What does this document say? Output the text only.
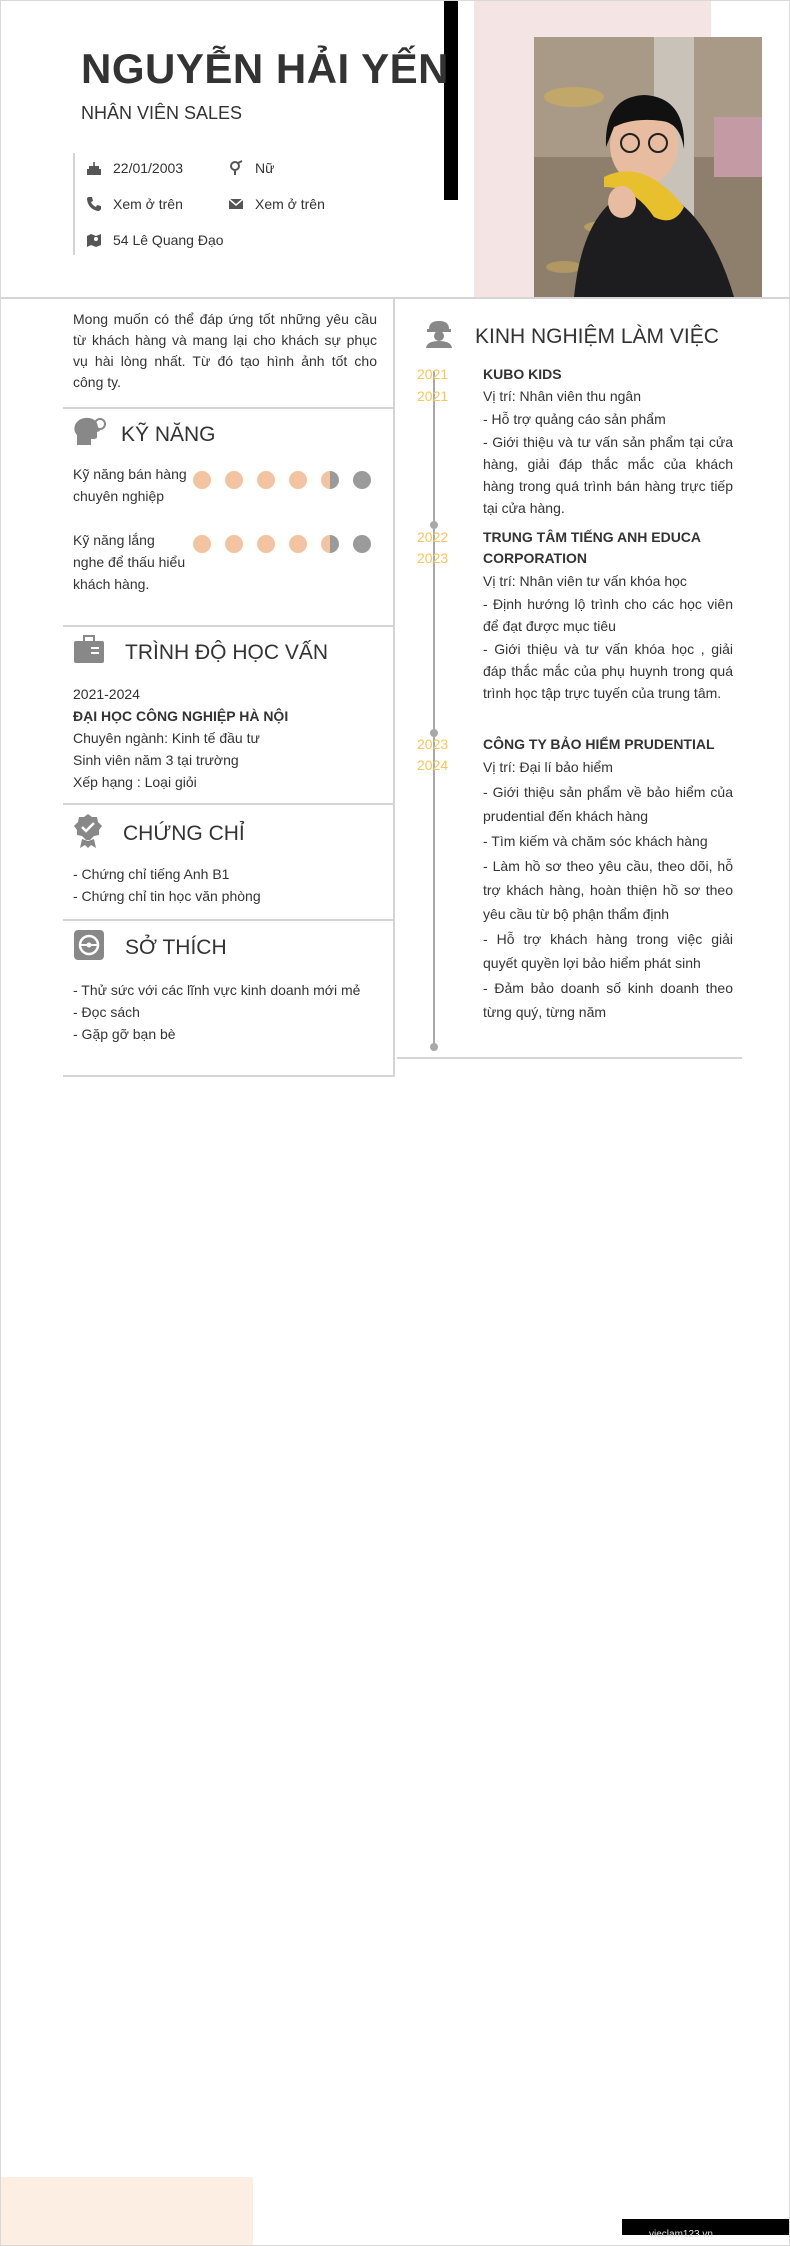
NGUYỄN HẢI YẾN
NHÂN VIÊN SALES
22/01/2003	Nữ
Xem ở trên	Xem ở trên
54 Lê Quang Đạo
Mong muốn có thể đáp ứng tốt những yêu cầu từ khách hàng và mang lại cho khách sự phục vụ hài lòng nhất. Từ đó tạo hình ảnh tốt cho công ty.
KỸ NĂNG
Kỹ năng bán hàng
chuyên nghiệp
Kỹ năng lắng
nghe để thấu hiểu
khách hàng.
TRÌNH ĐỘ HỌC VẤN
2021-2024
ĐẠI HỌC CÔNG NGHIỆP HÀ NỘI
Chuyên ngành: Kinh tế đầu tư
Sinh viên năm 3 tại trường
Xếp hạng : Loại giỏi
CHỨNG CHỈ
- Chứng chỉ tiếng Anh B1
- Chứng chỉ tin học văn phòng
SỞ THÍCH
- Thử sức với các lĩnh vực kinh doanh mới mẻ
- Đọc sách
- Gặp gỡ bạn bè
KINH NGHIỆM LÀM VIỆC
2021
2021
KUBO KIDS
Vị trí: Nhân viên thu ngân
- Hỗ trợ quảng cáo sản phẩm
- Giới thiệu và tư vấn sản phẩm tại cửa hàng, giải đáp thắc mắc của khách hàng trong quá trình bán hàng trực tiếp tại cửa hàng.
2022
2023
TRUNG TÂM TIẾNG ANH EDUCA
CORPORATION
Vị trí: Nhân viên tư vấn khóa học
- Định hướng lộ trình cho các học viên để đạt được mục tiêu
- Giới thiệu và tư vấn khóa học , giải đáp thắc mắc của phụ huynh trong quá trình học tập trực tuyến của trung tâm.
2023
2024
CÔNG TY BẢO HIỂM PRUDENTIAL
Vị trí: Đại lí bảo hiểm
- Giới thiệu sản phẩm về bảo hiểm của prudential đến khách hàng
- Tìm kiếm và chăm sóc khách hàng
- Làm hồ sơ theo yêu cầu, theo dõi, hỗ trợ khách hàng, hoàn thiện hồ sơ theo yêu cầu từ bộ phận thẩm định
- Hỗ trợ khách hàng trong việc giải quyết quyền lợi bảo hiểm phát sinh
- Đảm bảo doanh số kinh doanh theo từng quý, từng năm
vieclam123.vn
